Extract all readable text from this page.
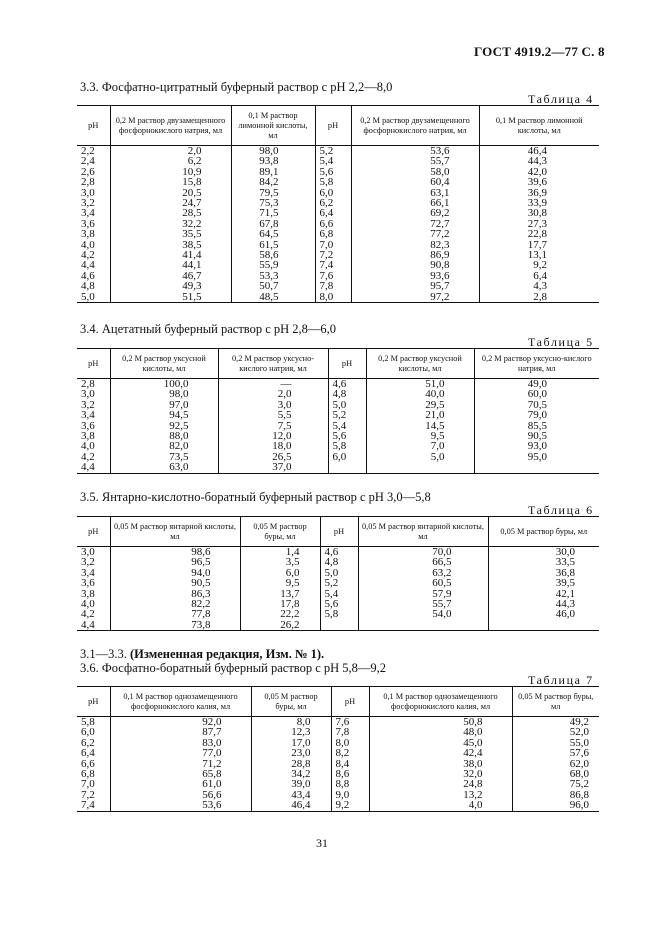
ГОСТ 4919.2—77 С. 8
3.3. Фосфатно-цитратный буферный раствор с рН 2,2—8,0
Таблица 4
рН	0,2 М раствор двузамещенного фосфорнокислого натрия, мл	0,1 М раствор лимонной кислоты, мл	рН	0,2 М раствор двузамещенного фосфорнокислого натрия, мл	0,1 М раствор лимонной кислоты, мл
2,2	2,0	98,0	5,2	53,6	46,4
2,4	6,2	93,8	5,4	55,7	44,3
2,6	10,9	89,1	5,6	58,0	42,0
2,8	15,8	84,2	5,8	60,4	39,6
3,0	20,5	79,5	6,0	63,1	36,9
3,2	24,7	75,3	6,2	66,1	33,9
3,4	28,5	71,5	6,4	69,2	30,8
3,6	32,2	67,8	6,6	72,7	27,3
3,8	35,5	64,5	6,8	77,2	22,8
4,0	38,5	61,5	7,0	82,3	17,7
4,2	41,4	58,6	7,2	86,9	13,1
4,4	44,1	55,9	7,4	90,8	9,2
4,6	46,7	53,3	7,6	93,6	6,4
4,8	49,3	50,7	7,8	95,7	4,3
5,0	51,5	48,5	8,0	97,2	2,8
3.4. Ацетатный буферный раствор с рН 2,8—6,0
Таблица 5
рН	0,2 М раствор уксусной кислоты, мл	0,2 М раствор уксусно-кислого натрия, мл	рН	0,2 М раствор уксусной кислоты, мл	0,2 М раствор уксусно-кислого натрия, мл
2,8	100,0	—	4,6	51,0	49,0
3,0	98,0	2,0	4,8	40,0	60,0
3,2	97,0	3,0	5,0	29,5	70,5
3,4	94,5	5,5	5,2	21,0	79,0
3,6	92,5	7,5	5,4	14,5	85,5
3,8	88,0	12,0	5,6	9,5	90,5
4,0	82,0	18,0	5,8	7,0	93,0
4,2	73,5	26,5	6,0	5,0	95,0
4,4	63,0	37,0			
3.5. Янтарно-кислотно-боратный буферный раствор с рН 3,0—5,8
Таблица 6
рН	0,05 М раствор янтарной кислоты, мл	0,05 М раствор буры, мл	рН	0,05 М раствор янтарной кислоты, мл	0,05 М раствор буры, мл
3,0	98,6	1,4	4,6	70,0	30,0
3,2	96,5	3,5	4,8	66,5	33,5
3,4	94,0	6,0	5,0	63,2	36,8
3,6	90,5	9,5	5,2	60,5	39,5
3,8	86,3	13,7	5,4	57,9	42,1
4,0	82,2	17,8	5,6	55,7	44,3
4,2	77,8	22,2	5,8	54,0	46,0
4,4	73,8	26,2			
3.1—3.3. (Измененная редакция, Изм. № 1).
3.6. Фосфатно-боратный буферный раствор с рН 5,8—9,2
Таблица 7
рН	0,1 М раствор однозамещенного фосфорнокислого калия, мл	0,05 М раствор буры, мл	рН	0,1 М раствор однозамещенного фосфорнокислого калия, мл	0,05 М раствор буры, мл
5,8	92,0	8,0	7,6	50,8	49,2
6,0	87,7	12,3	7,8	48,0	52,0
6,2	83,0	17,0	8,0	45,0	55,0
6,4	77,0	23,0	8,2	42,4	57,6
6,6	71,2	28,8	8,4	38,0	62,0
6,8	65,8	34,2	8,6	32,0	68,0
7,0	61,0	39,0	8,8	24,8	75,2
7,2	56,6	43,4	9,0	13,2	86,8
7,4	53,6	46,4	9,2	4,0	96,0
31
